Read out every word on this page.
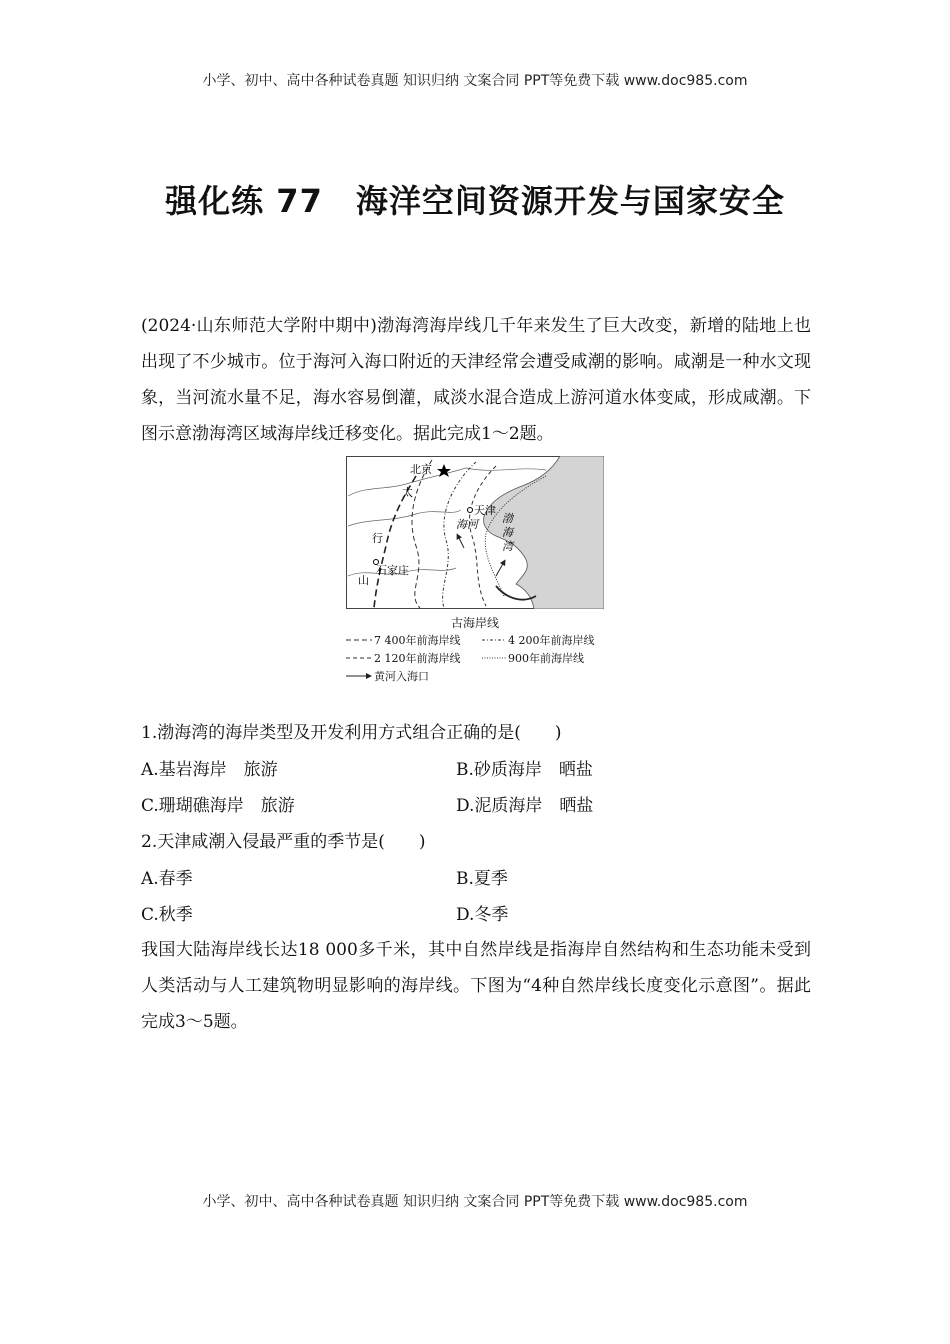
小学、初中、高中各种试卷真题 知识归纳 文案合同 PPT等免费下载 www.doc985.com
强化练 77　海洋空间资源开发与国家安全

(2024·山东师范大学附中期中)渤海湾海岸线几千年来发生了巨大改变，新增的陆地上也出现了不少城市。位于海河入海口附近的天津经常会遭受咸潮的影响。咸潮是一种水文现象，当河流水量不足，海水容易倒灌，咸淡水混合造成上游河道水体变咸，形成咸潮。下图示意渤海湾区域海岸线迁移变化。据此完成1～2题。

北京
天津
海河
石家庄
渤
海
湾
太
行
山
古海岸线
7 400年前海岸线	4 200年前海岸线
2 120年前海岸线	900年前海岸线
黄河入海口
1.渤海湾的海岸类型及开发利用方式组合正确的是(　　)
A.基岩海岸　旅游	B.砂质海岸　晒盐
C.珊瑚礁海岸　旅游	D.泥质海岸　晒盐
2.天津咸潮入侵最严重的季节是(　　)
A.春季	B.夏季
C.秋季	D.冬季

我国大陆海岸线长达18 000多千米，其中自然岸线是指海岸自然结构和生态功能未受到人类活动与人工建筑物明显影响的海岸线。下图为“4种自然岸线长度变化示意图”。据此完成3～5题。

小学、初中、高中各种试卷真题 知识归纳 文案合同 PPT等免费下载 www.doc985.com
